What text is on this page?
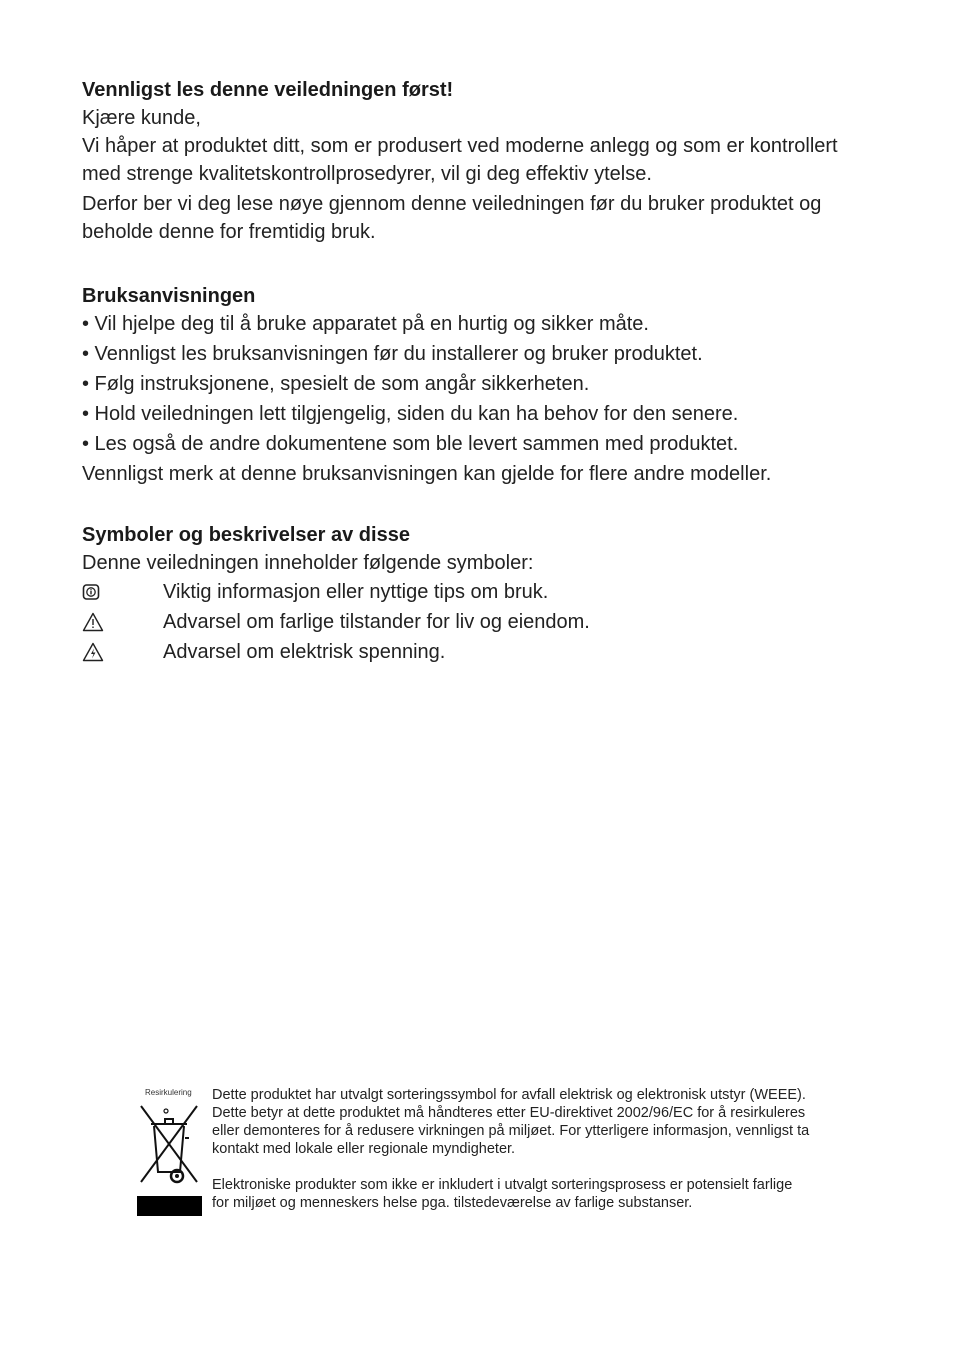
Vennligst les denne veiledningen først!

Kjære kunde,

Vi håper at produktet ditt, som er produsert ved moderne anlegg og som er kontrollert med strenge kvalitetskontrollprosedyrer, vil gi deg effektiv ytelse.

Derfor ber vi deg lese nøye gjennom denne veiledningen før du bruker produktet og beholde denne for fremtidig bruk.

Bruksanvisningen

• Vil hjelpe deg til å bruke apparatet på en hurtig og sikker måte.

• Vennligst les bruksanvisningen før du installerer og bruker produktet.

• Følg instruksjonene, spesielt de som angår sikkerheten.

• Hold veiledningen lett tilgjengelig, siden du kan ha behov for den senere.

• Les også de andre dokumentene som ble levert sammen med produktet.

Vennligst merk at denne bruksanvisningen kan gjelde for flere andre modeller.

Symboler og beskrivelser av disse

Denne veiledningen inneholder følgende symboler:

Viktig informasjon eller nyttige tips om bruk.
Advarsel om farlige tilstander for liv og eiendom.
Advarsel om elektrisk spenning.
Resirkulering Dette produktet har utvalgt sorteringssymbol for avfall elektrisk og elektronisk utstyr (WEEE).

Dette betyr at dette produktet må håndteres etter EU-direktivet 2002/96/EC for å resirkuleres eller demonteres for å redusere virkningen på miljøet. For ytterligere informasjon, vennligst ta kontakt med lokale eller regionale myndigheter.

Elektroniske produkter som ikke er inkludert i utvalgt sorteringsprosess er potensielt farlige for miljøet og menneskers helse pga. tilstedeværelse av farlige substanser.
